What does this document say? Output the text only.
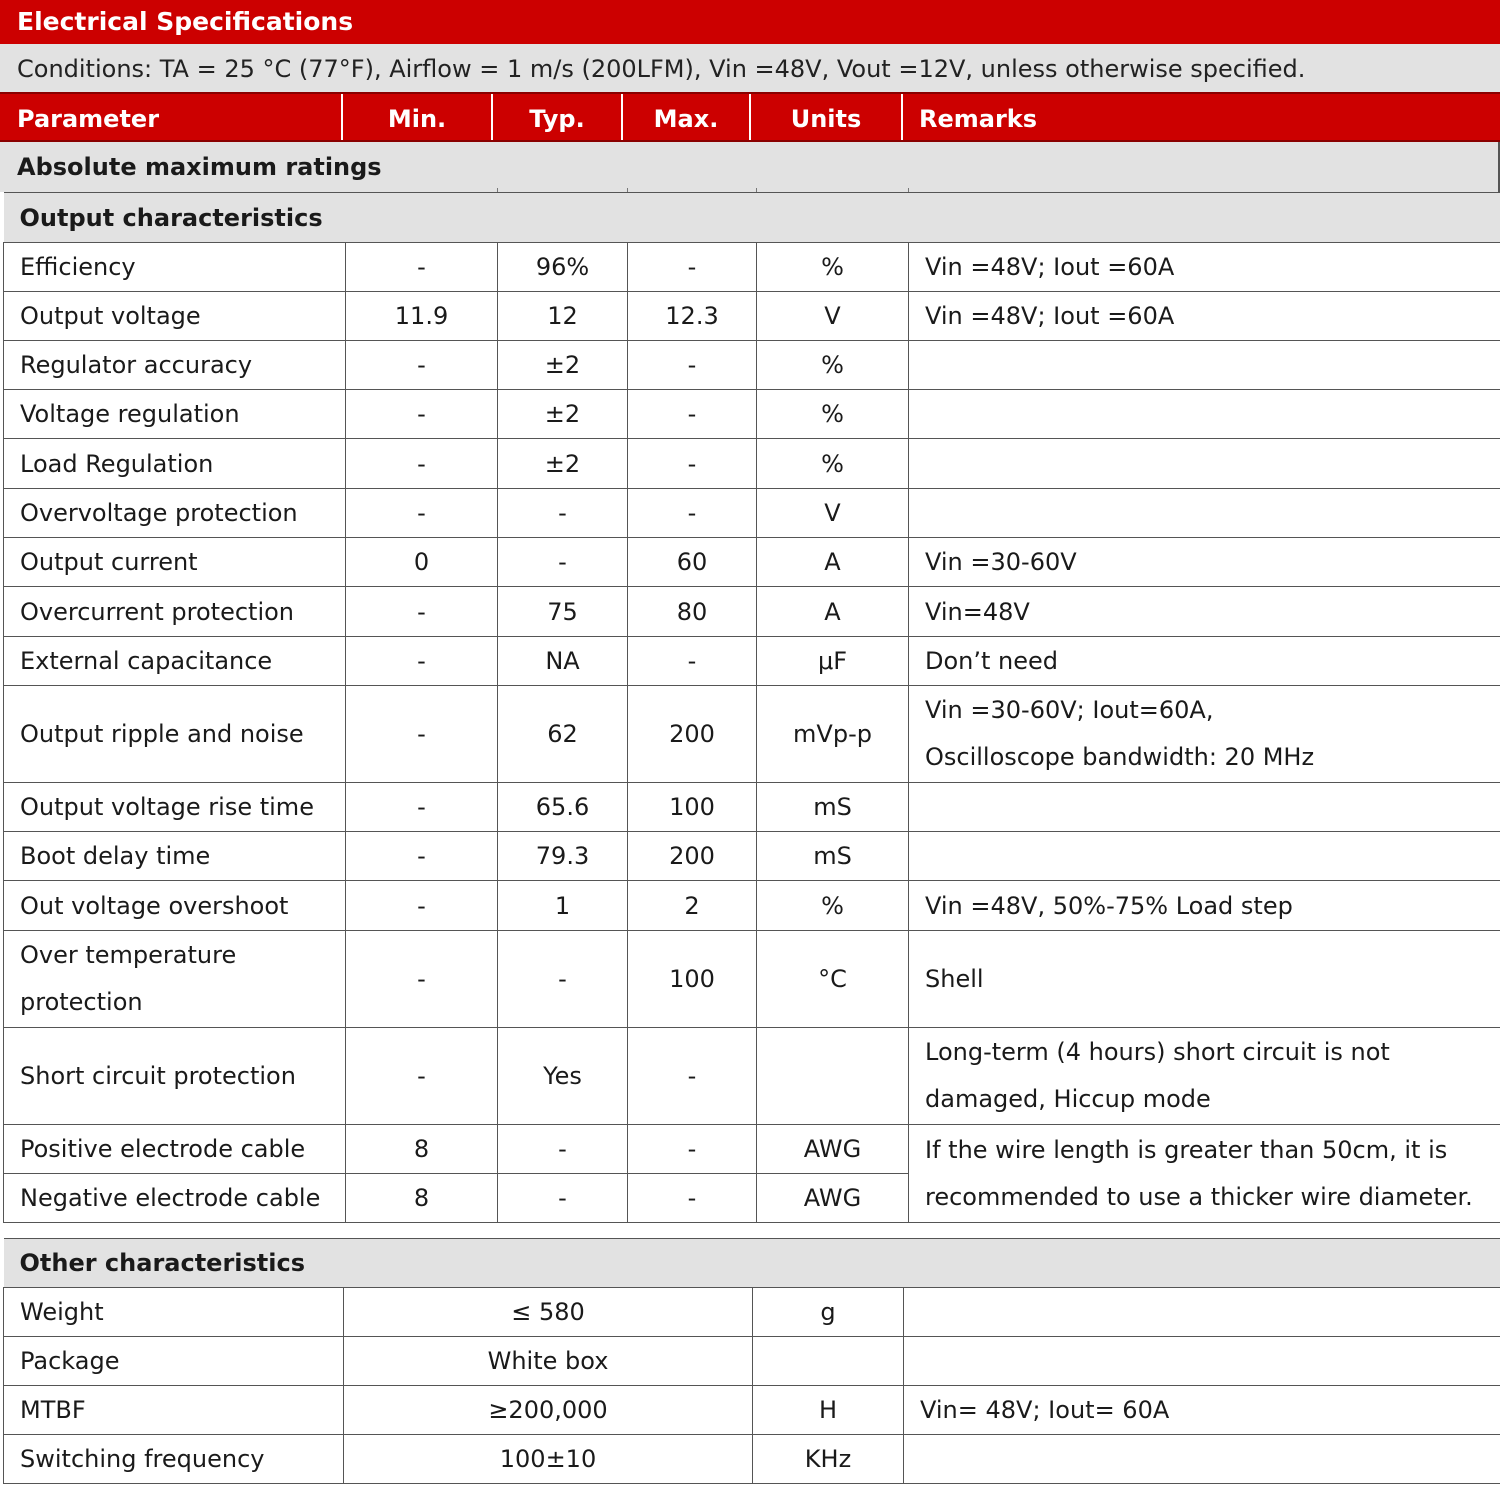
Electrical Specifications
Conditions: TA = 25 °C (77°F), Airflow = 1 m/s (200LFM), Vin =48V, Vout =12V, unless otherwise specified.
Parameter	Min.	Typ.	Max.	Units	Remarks
Absolute maximum ratings
Output characteristics					
Efficiency	-	96%	-	%	Vin =48V; Iout =60A
Output voltage	11.9	12	12.3	V	Vin =48V; Iout =60A
Regulator accuracy	-	±2	-	%	
Voltage regulation	-	±2	-	%	
Load Regulation	-	±2	-	%	
Overvoltage protection	-	-	-	V	
Output current	0	-	60	A	Vin =30-60V
Overcurrent protection	-	75	80	A	Vin=48V
External capacitance	-	NA	-	μF	Don’t need
Output ripple and noise	-	62	200	mVp-p	Vin =30-60V; Iout=60A,
Oscilloscope bandwidth: 20 MHz

Output voltage rise time	-	65.6	100	mS	
Boot delay time	-	79.3	200	mS	
Out voltage overshoot	-	1	2	%	Vin =48V, 50%-75% Load step

Over temperature
protection	-	-	100	°C	Shell
Short circuit protection	-	Yes	-		Long-term (4 hours) short circuit is not
damaged, Hiccup mode

Positive electrode cable	8	-	-	AWG	If the wire length is greater than 50cm, it is
recommended to use a thicker wire diameter.

Negative electrode cable	8	-	-	AWG	
Other characteristics			
Weight	≤ 580	g	
Package	White box		
MTBF	≥200,000	H	Vin= 48V; Iout= 60A
Switching frequency	100±10	KHz	
